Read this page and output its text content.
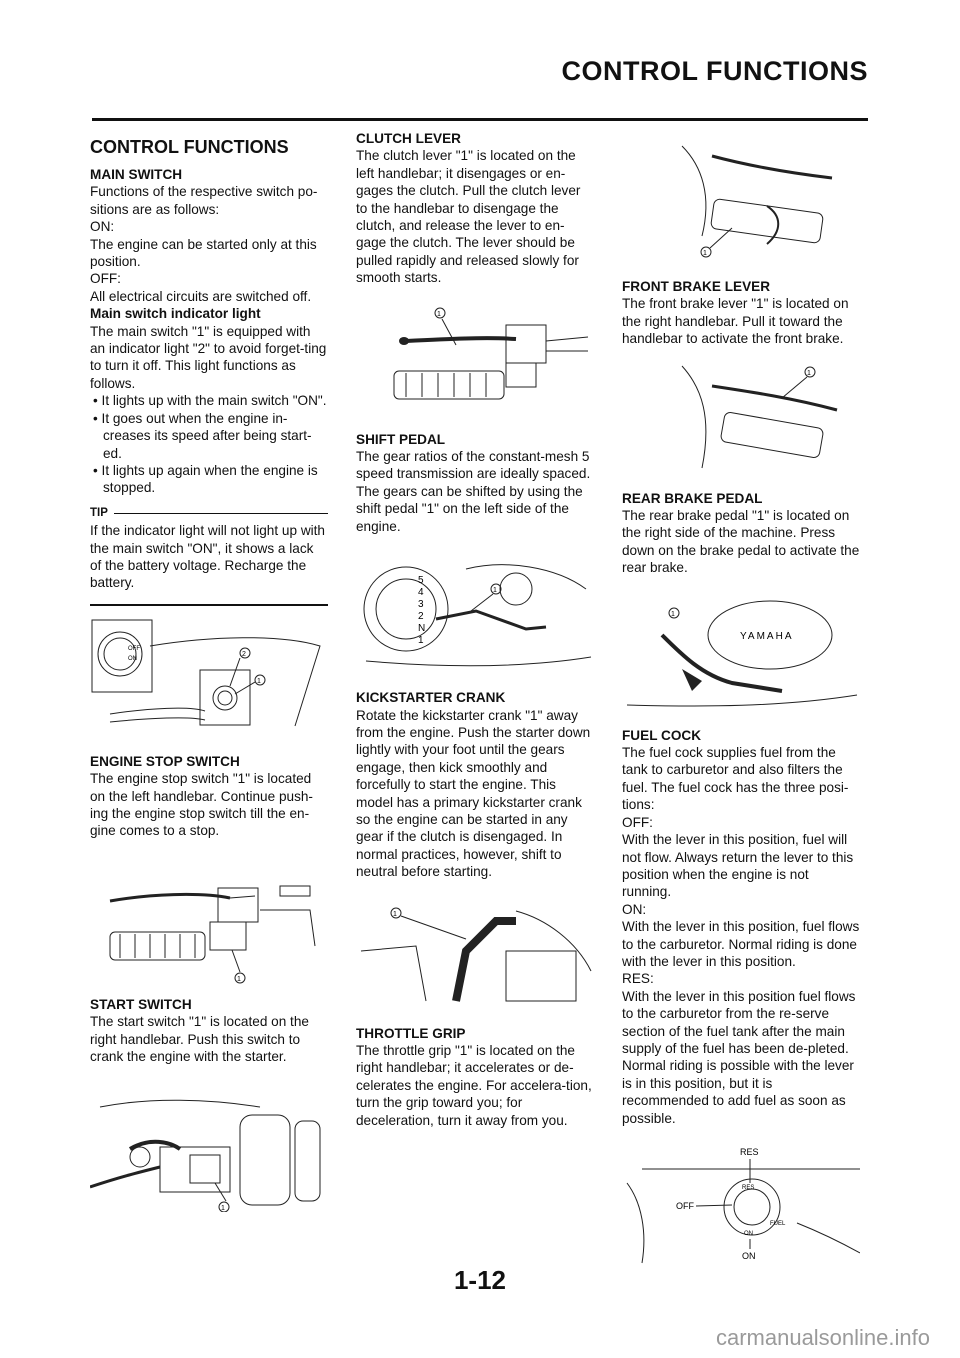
CONTROL FUNCTIONS
CONTROL FUNCTIONS

MAIN SWITCH

Functions of the respective switch po-

sitions are as follows:

ON:

The engine can be started only at this

position.

OFF:

All electrical circuits are switched off.

Main switch indicator light

The main switch "1" is equipped with an indicator light "2" to avoid forget-ting to turn it off. This light functions as follows.

• It lights up with the main switch "ON".
• It goes out when the engine in-creases its speed after being start-ed.
• It lights up again when the engine is stopped.
TIP

If the indicator light will not light up with the main switch "ON", it shows a lack of the battery voltage. Recharge the battery.

OFF
ON
2
1

ENGINE STOP SWITCH

The engine stop switch "1" is located on the left handlebar. Continue push-ing the engine stop switch till the en-gine comes to a stop.

1

START SWITCH

The start switch "1" is located on the right handlebar. Push this switch to crank the engine with the starter.

1

CLUTCH LEVER

The clutch lever "1" is located on the left handlebar; it disengages or en-gages the clutch. Pull the clutch lever to the handlebar to disengage the clutch, and release the lever to en-gage the clutch. The lever should be pulled rapidly and released slowly for smooth starts.

1

SHIFT PEDAL

The gear ratios of the constant-mesh 5 speed transmission are ideally spaced. The gears can be shifted by using the shift pedal "1" on the left side of the engine.

5
4
3
2
N
1
1

KICKSTARTER CRANK

Rotate the kickstarter crank "1" away from the engine. Push the starter down lightly with your foot until the gears engage, then kick smoothly and forcefully to start the engine. This model has a primary kickstarter crank so the engine can be started in any gear if the clutch is disengaged. In normal practices, however, shift to neutral before starting.

1

THROTTLE GRIP

The throttle grip "1" is located on the right handlebar; it accelerates or de-celerates the engine. For accelera-tion, turn the grip toward you; for deceleration, turn it away from you.

1

FRONT BRAKE LEVER

The front brake lever "1" is located on the right handlebar. Pull it toward the handlebar to activate the front brake.

1

REAR BRAKE PEDAL

The rear brake pedal "1" is located on the right side of the machine. Press down on the brake pedal to activate the rear brake.

1
YAMAHA

FUEL COCK

The fuel cock supplies fuel from the tank to carburetor and also filters the fuel. The fuel cock has the three posi-tions:

OFF:

With the lever in this position, fuel will not flow. Always return the lever to this position when the engine is not running.

ON:

With the lever in this position, fuel flows to the carburetor. Normal riding is done with the lever in this position.

RES:

With the lever in this position fuel flows to the carburetor from the re-serve section of the fuel tank after the main supply of the fuel has been de-pleted. Normal riding is possible with the lever is in this position, but it is recommended to add fuel as soon as possible.

RES
RES
OFF
ON
FUEL
ON
1-12
carmanualsonline.info
